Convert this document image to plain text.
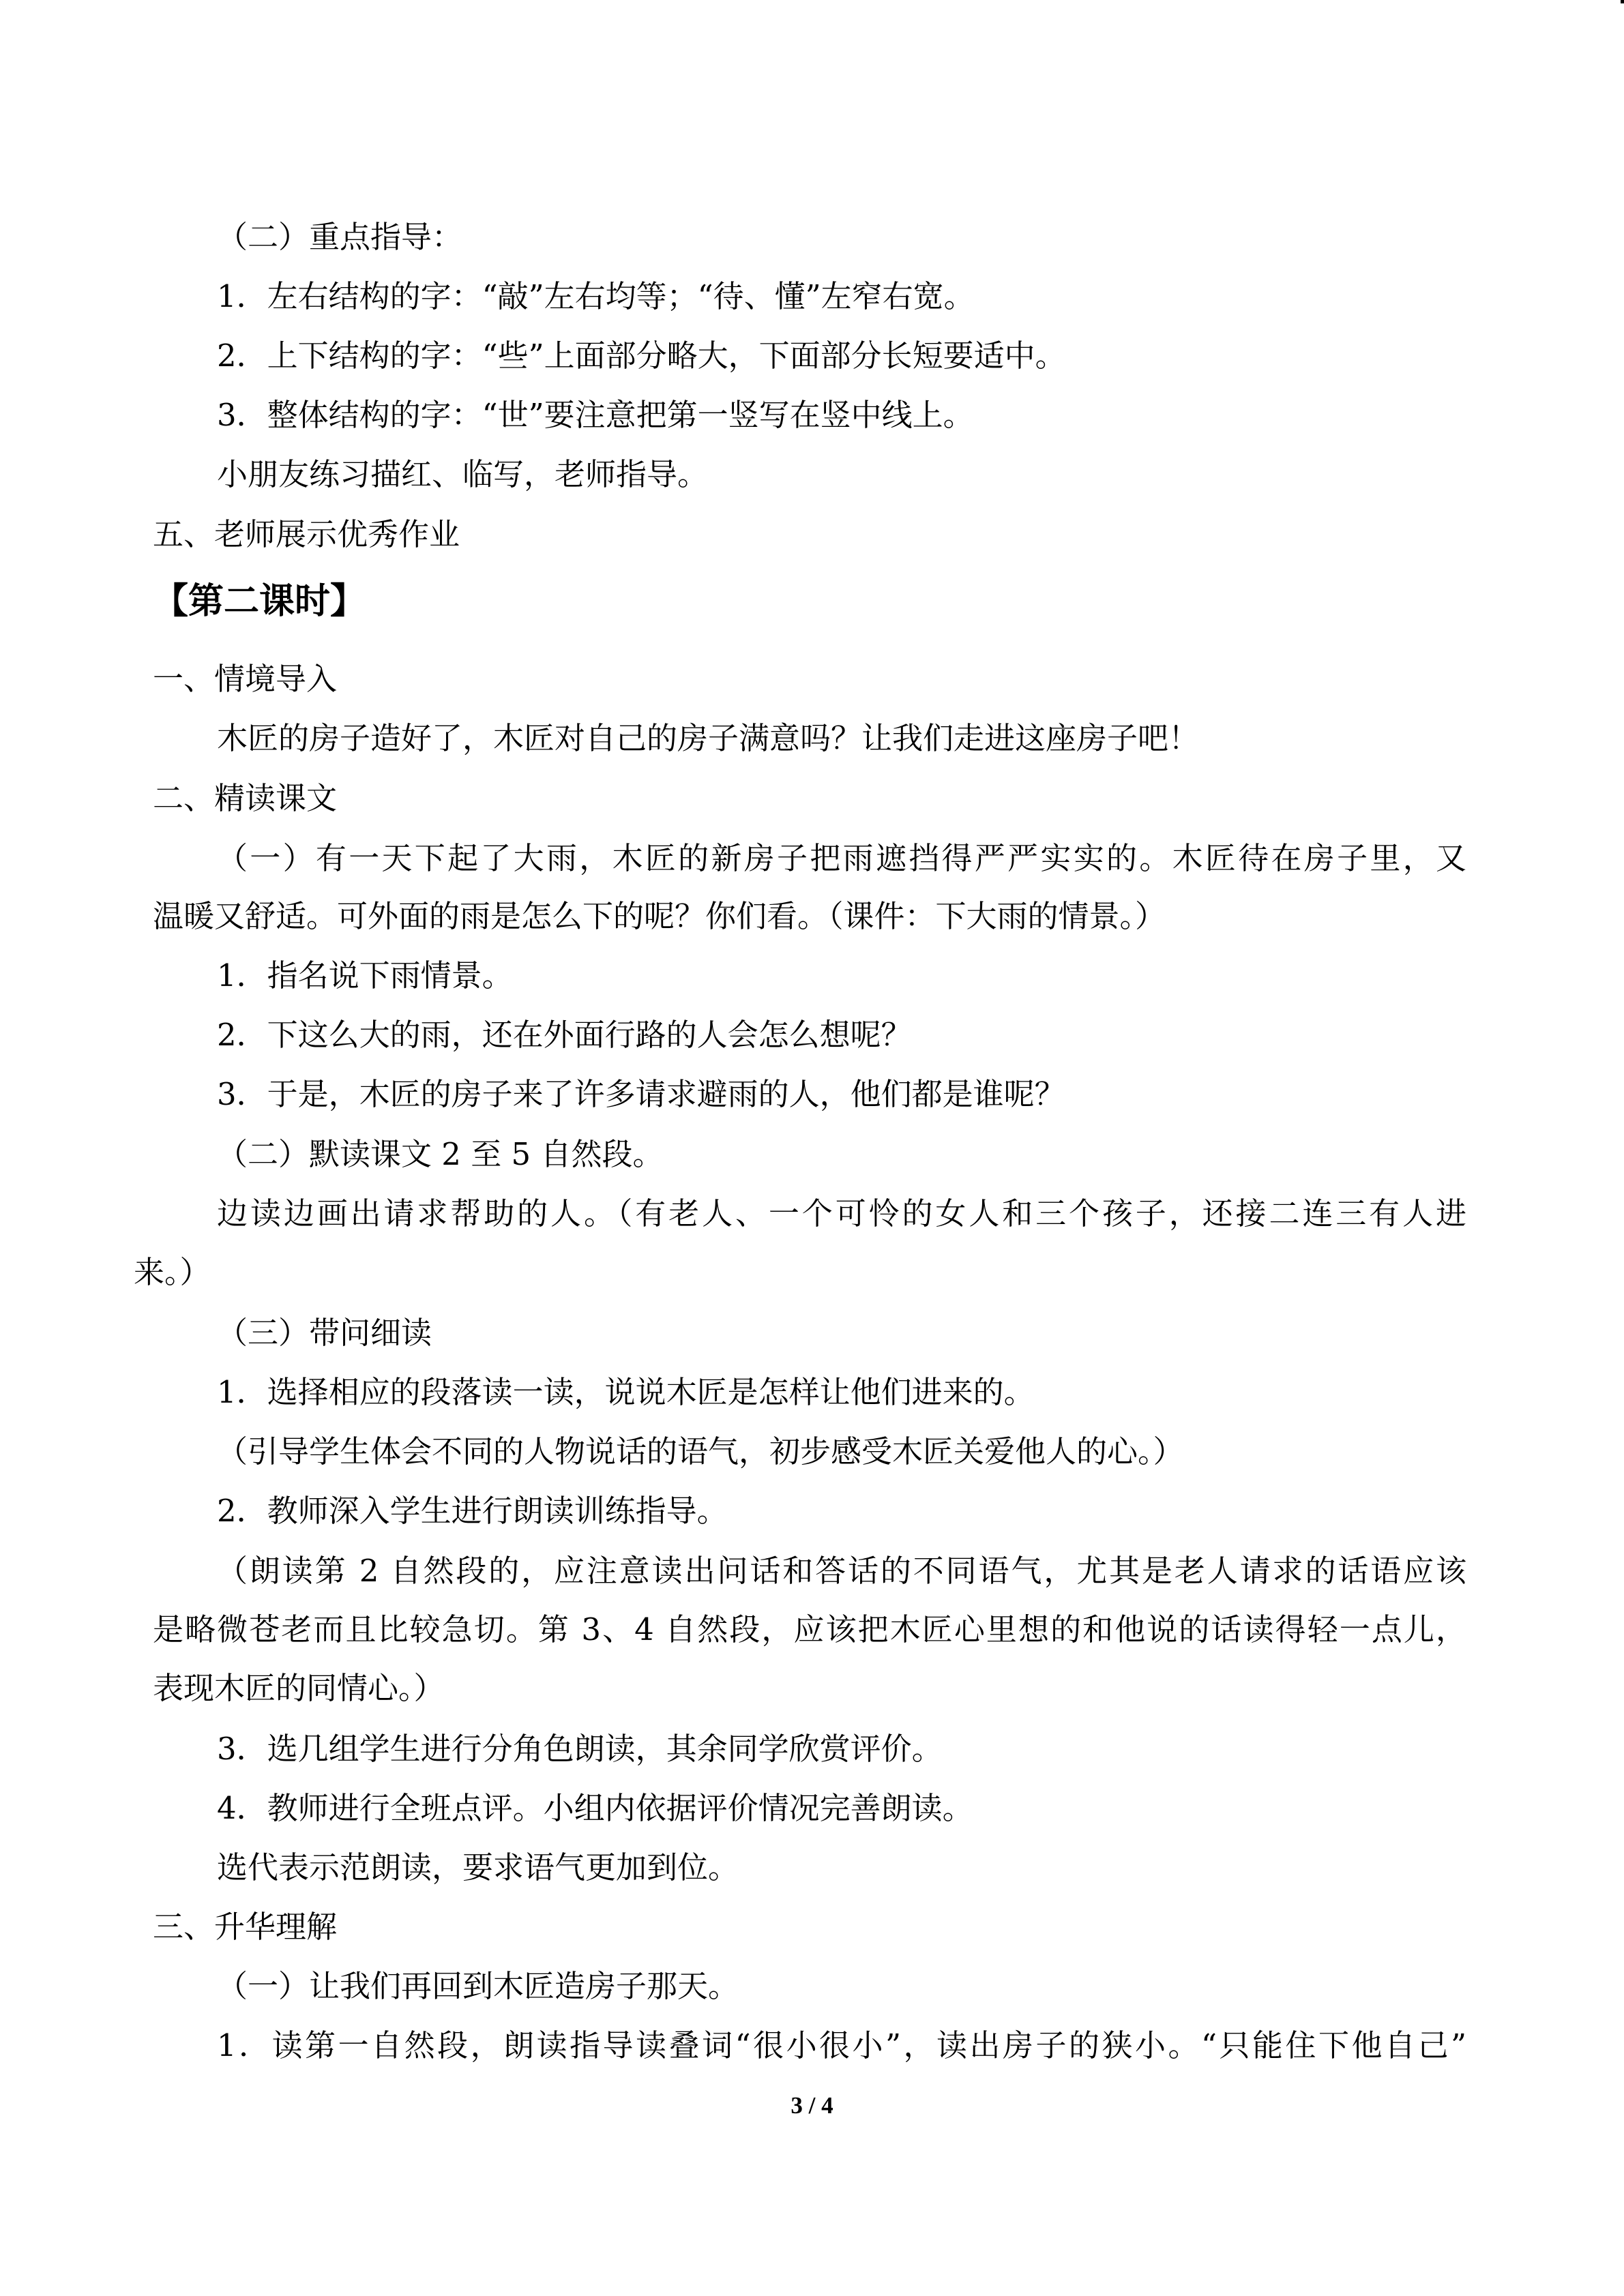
（二）重点指导：
1．左右结构的字：“敲”左右均等；“待、懂”左窄右宽。
2．上下结构的字：“些”上面部分略大，下面部分长短要适中。
3．整体结构的字：“世”要注意把第一竖写在竖中线上。
小朋友练习描红、临写，老师指导。
五、老师展示优秀作业
【第二课时】
一、情境导入
木匠的房子造好了，木匠对自己的房子满意吗？让我们走进这座房子吧！
二、精读课文
（一）有一天下起了大雨，木匠的新房子把雨遮挡得严严实实的。木匠待在房子里，又
温暖又舒适。可外面的雨是怎么下的呢？你们看。（课件：下大雨的情景。）
1．指名说下雨情景。
2．下这么大的雨，还在外面行路的人会怎么想呢？
3．于是，木匠的房子来了许多请求避雨的人，他们都是谁呢？
（二）默读课文 2 至 5 自然段。
边读边画出请求帮助的人。（有老人、一个可怜的女人和三个孩子，还接二连三有人进
来。）
（三）带问细读
1．选择相应的段落读一读，说说木匠是怎样让他们进来的。
（引导学生体会不同的人物说话的语气，初步感受木匠关爱他人的心。）
2．教师深入学生进行朗读训练指导。
（朗读第 2 自然段的，应注意读出问话和答话的不同语气，尤其是老人请求的话语应该
是略微苍老而且比较急切。第 3、4 自然段，应该把木匠心里想的和他说的话读得轻一点儿，
表现木匠的同情心。）
3．选几组学生进行分角色朗读，其余同学欣赏评价。
4．教师进行全班点评。小组内依据评价情况完善朗读。
选代表示范朗读，要求语气更加到位。
三、升华理解
（一）让我们再回到木匠造房子那天。
1．读第一自然段，朗读指导读叠词“很小很小”，读出房子的狭小。“只能住下他自己”
3 / 4
